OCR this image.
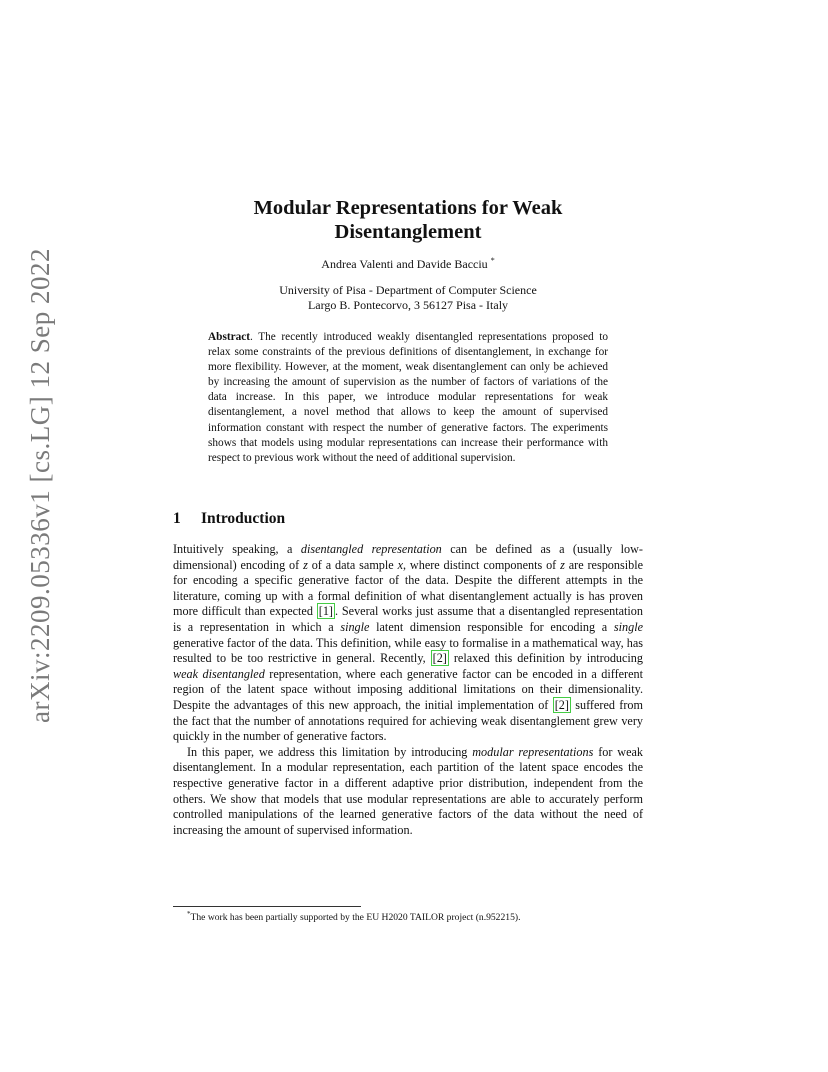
arXiv:2209.05336v1 [cs.LG] 12 Sep 2022
Modular Representations for Weak
Disentanglement
Andrea Valenti and Davide Bacciu *
University of Pisa - Department of Computer Science
Largo B. Pontecorvo, 3 56127 Pisa - Italy
Abstract. The recently introduced weakly disentangled representations proposed to relax some constraints of the previous definitions of disentanglement, in exchange for more flexibility. However, at the moment, weak disentanglement can only be achieved by increasing the amount of supervision as the number of factors of variations of the data increase. In this paper, we introduce modular representations for weak disentanglement, a novel method that allows to keep the amount of supervised information constant with respect the number of generative factors. The experiments shows that models using modular representations can increase their performance with respect to previous work without the need of additional supervision.
1 Introduction

Intuitively speaking, a disentangled representation can be defined as a (usually low-dimensional) encoding of z of a data sample x, where distinct components of z are responsible for encoding a specific generative factor of the data. Despite the different attempts in the literature, coming up with a formal definition of what disentanglement actually is has proven more difficult than expected [1] . Several works just assume that a disentangled representation is a representation in which a single latent dimension responsible for encoding a single generative factor of the data. This definition, while easy to formalise in a mathematical way, has resulted to be too restrictive in general. Recently, [2] relaxed this definition by introducing weak disentangled representation, where each generative factor can be encoded in a different region of the latent space without imposing additional limitations on their dimensionality. Despite the advantages of this new approach, the initial implementation of [2] suffered from the fact that the number of annotations required for achieving weak disentanglement grew very quickly in the number of generative factors.

In this paper, we address this limitation by introducing modular representations for weak disentanglement. In a modular representation, each partition of the latent space encodes the respective generative factor in a different adaptive prior distribution, independent from the others. We show that models that use modular representations are able to accurately perform controlled manipulations of the learned generative factors of the data without the need of increasing the amount of supervised information.

*The work has been partially supported by the EU H2020 TAILOR project (n.952215).
